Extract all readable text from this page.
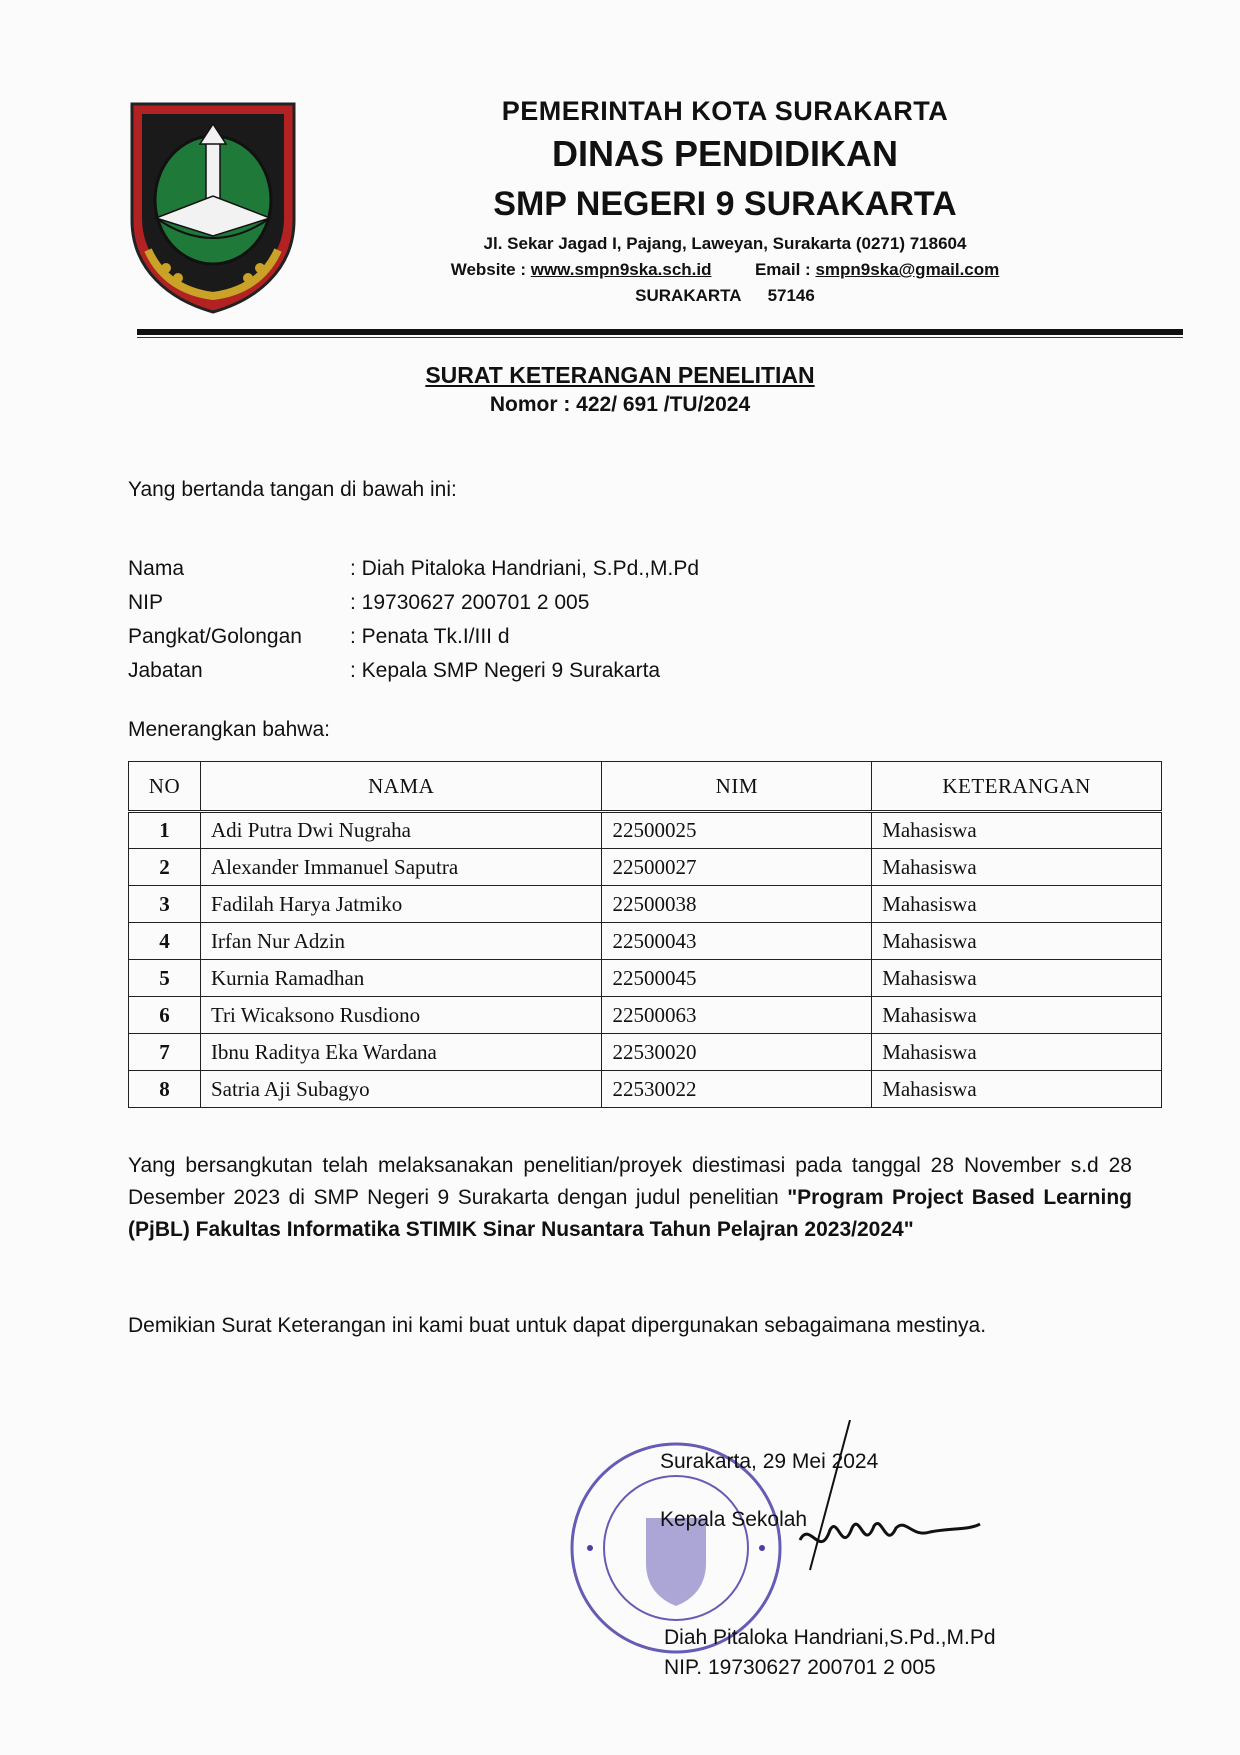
PEMERINTAH KOTA SURAKARTA
DINAS PENDIDIKAN
SMP NEGERI 9 SURAKARTA
Jl. Sekar Jagad I, Pajang, Laweyan, Surakarta (0271) 718604
Website : www.smpn9ska.sch.id	Email : smpn9ska@gmail.com
SURAKARTA 57146
SURAT KETERANGAN PENELITIAN
Nomor : 422/ 691 /TU/2024
Yang bertanda tangan di bawah ini:
Nama	: Diah Pitaloka Handriani, S.Pd.,M.Pd
NIP	: 19730627 200701 2 005
Pangkat/Golongan	: Penata Tk.I/III d
Jabatan	: Kepala SMP Negeri 9 Surakarta
Menerangkan bahwa:
NO	NAMA	NIM	KETERANGAN
1	Adi Putra Dwi Nugraha	22500025	Mahasiswa
2	Alexander Immanuel Saputra	22500027	Mahasiswa
3	Fadilah Harya Jatmiko	22500038	Mahasiswa
4	Irfan Nur Adzin	22500043	Mahasiswa
5	Kurnia Ramadhan	22500045	Mahasiswa
6	Tri Wicaksono Rusdiono	22500063	Mahasiswa
7	Ibnu Raditya Eka Wardana	22530020	Mahasiswa
8	Satria Aji Subagyo	22530022	Mahasiswa
Yang bersangkutan telah melaksanakan penelitian/proyek diestimasi pada tanggal 28 November s.d 28 Desember 2023 di SMP Negeri 9 Surakarta dengan judul penelitian "Program Project Based Learning (PjBL) Fakultas Informatika STIMIK Sinar Nusantara Tahun Pelajran 2023/2024"
Demikian Surat Keterangan ini kami buat untuk dapat dipergunakan sebagaimana mestinya.
Surakarta, 29 Mei 2024
Kepala Sekolah
Diah Pitaloka Handriani,S.Pd.,M.Pd
NIP. 19730627 200701 2 005
